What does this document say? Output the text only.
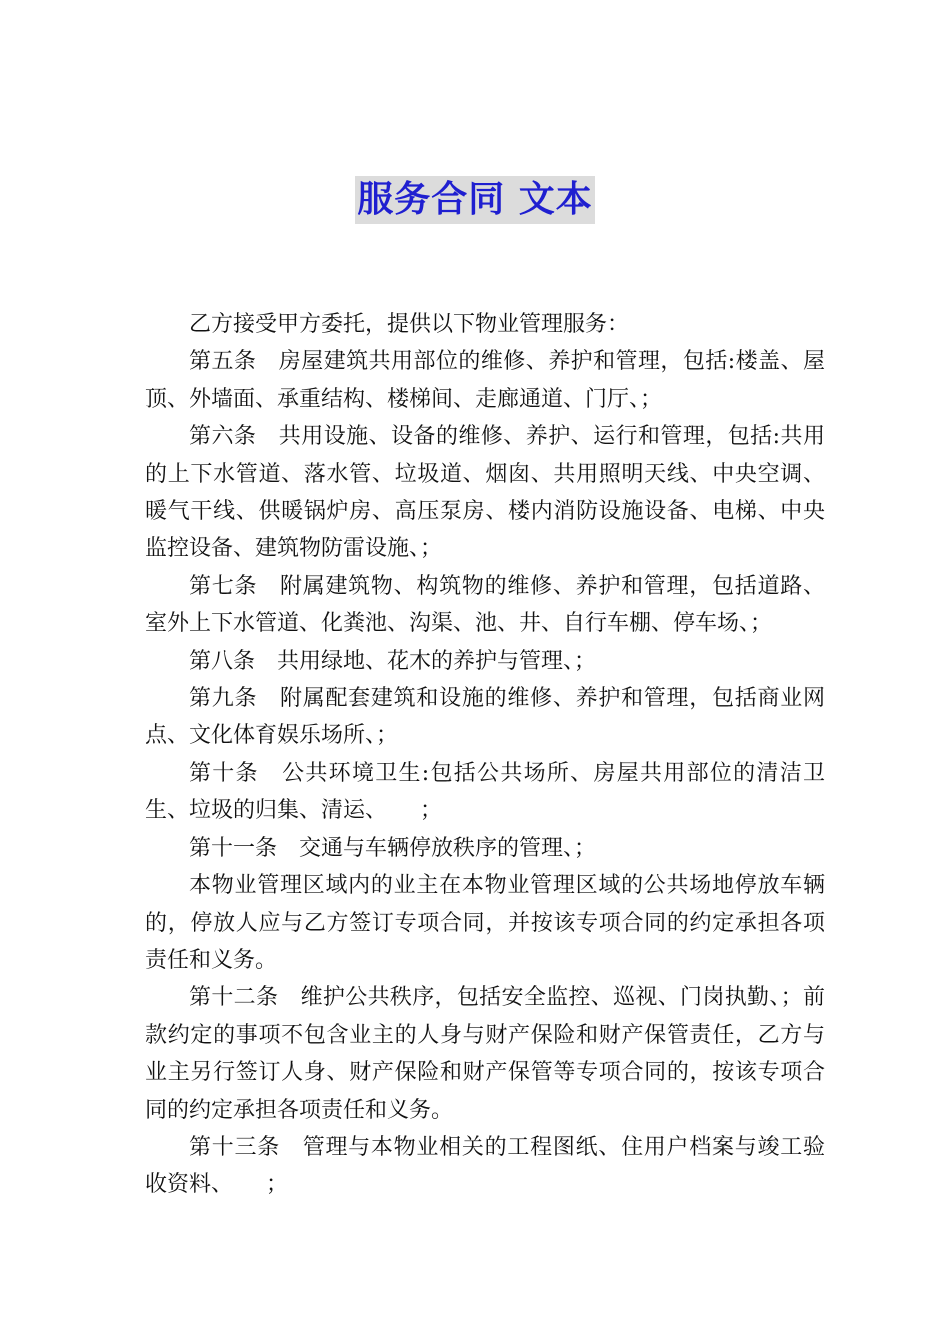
服务合同 文本

乙方接受甲方委托，提供以下物业管理服务：

第五条　房屋建筑共用部位的维修、养护和管理，包括:楼盖、屋顶、外墙面、承重结构、楼梯间、走廊通道、门厅、；

第六条　共用设施、设备的维修、养护、运行和管理，包括:共用的上下水管道、落水管、垃圾道、烟囱、共用照明天线、中央空调、暖气干线、供暖锅炉房、高压泵房、楼内消防设施设备、电梯、中央监控设备、建筑物防雷设施、；

第七条　附属建筑物、构筑物的维修、养护和管理，包括道路、室外上下水管道、化粪池、沟渠、池、井、自行车棚、停车场、；

第八条　共用绿地、花木的养护与管理、；

第九条　附属配套建筑和设施的维修、养护和管理，包括商业网点、文化体育娱乐场所、；

第十条　公共环境卫生:包括公共场所、房屋共用部位的清洁卫生、垃圾的归集、清运、　　；

第十一条　交通与车辆停放秩序的管理、；

本物业管理区域内的业主在本物业管理区域的公共场地停放车辆的，停放人应与乙方签订专项合同，并按该专项合同的约定承担各项责任和义务。

第十二条　维护公共秩序，包括安全监控、巡视、门岗执勤、；前款约定的事项不包含业主的人身与财产保险和财产保管责任，乙方与业主另行签订人身、财产保险和财产保管等专项合同的，按该专项合同的约定承担各项责任和义务。

第十三条　管理与本物业相关的工程图纸、住用户档案与竣工验收资料、　　；
